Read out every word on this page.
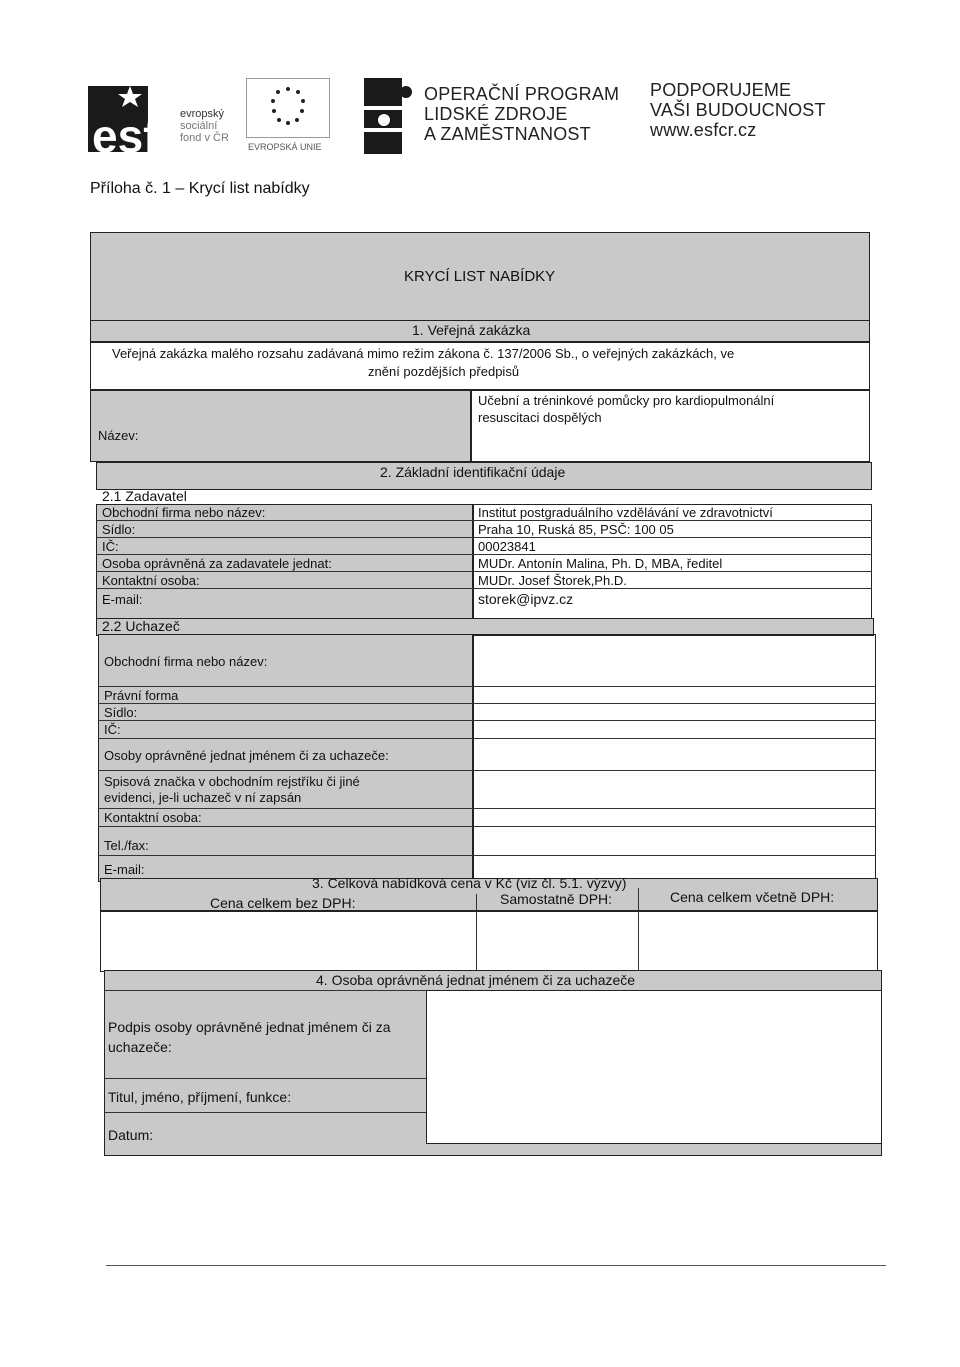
esf evropský
sociální
fond v ČR
EVROPSKÁ UNIE
OPERAČNÍ PROGRAM
LIDSKÉ ZDROJE
A ZAMĚSTNANOST
PODPORUJEME
VAŠI BUDOUCNOST
www.esfcr.cz
Příloha č. 1 – Krycí list nabídky
KRYCÍ LIST NABÍDKY
1. Veřejná zakázka
Veřejná zakázka malého rozsahu zadávaná mimo režim zákona č. 137/2006 Sb., o veřejných zakázkách, ve
znění pozdějších předpisů
Název:
Učební a tréninkové pomůcky pro kardiopulmonální
resuscitaci dospělých
2. Základní identifikační údaje
2.1 Zadavatel
Obchodní firma nebo název:
Sídlo:
IČ:
Osoba oprávněná za zadavatele jednat:
Kontaktní osoba:
E-mail:
Institut postgraduálního vzdělávání ve zdravotnictví
Praha 10, Ruská 85, PSČ: 100 05
00023841
MUDr. Antonín Malina, Ph. D, MBA, ředitel
MUDr. Josef Štorek,Ph.D.
storek@ipvz.cz
2.2 Uchazeč
Obchodní firma nebo název:
Právní forma
Sídlo:
IČ:
Osoby oprávněné jednat jménem či za uchazeče:
Spisová značka v obchodním rejstříku či jiné
evidenci, je-li uchazeč v ní zapsán
Kontaktní osoba:
Tel./fax:
E-mail:
3. Celková nabídková cena v Kč (viz čl. 5.1. výzvy)
Cena celkem bez DPH:	Samostatně DPH:	Cena celkem včetně DPH:
4. Osoba oprávněná jednat jménem či za uchazeče
Podpis osoby oprávněné jednat jménem či za
uchazeče:
Titul, jméno, příjmení, funkce:
Datum:
